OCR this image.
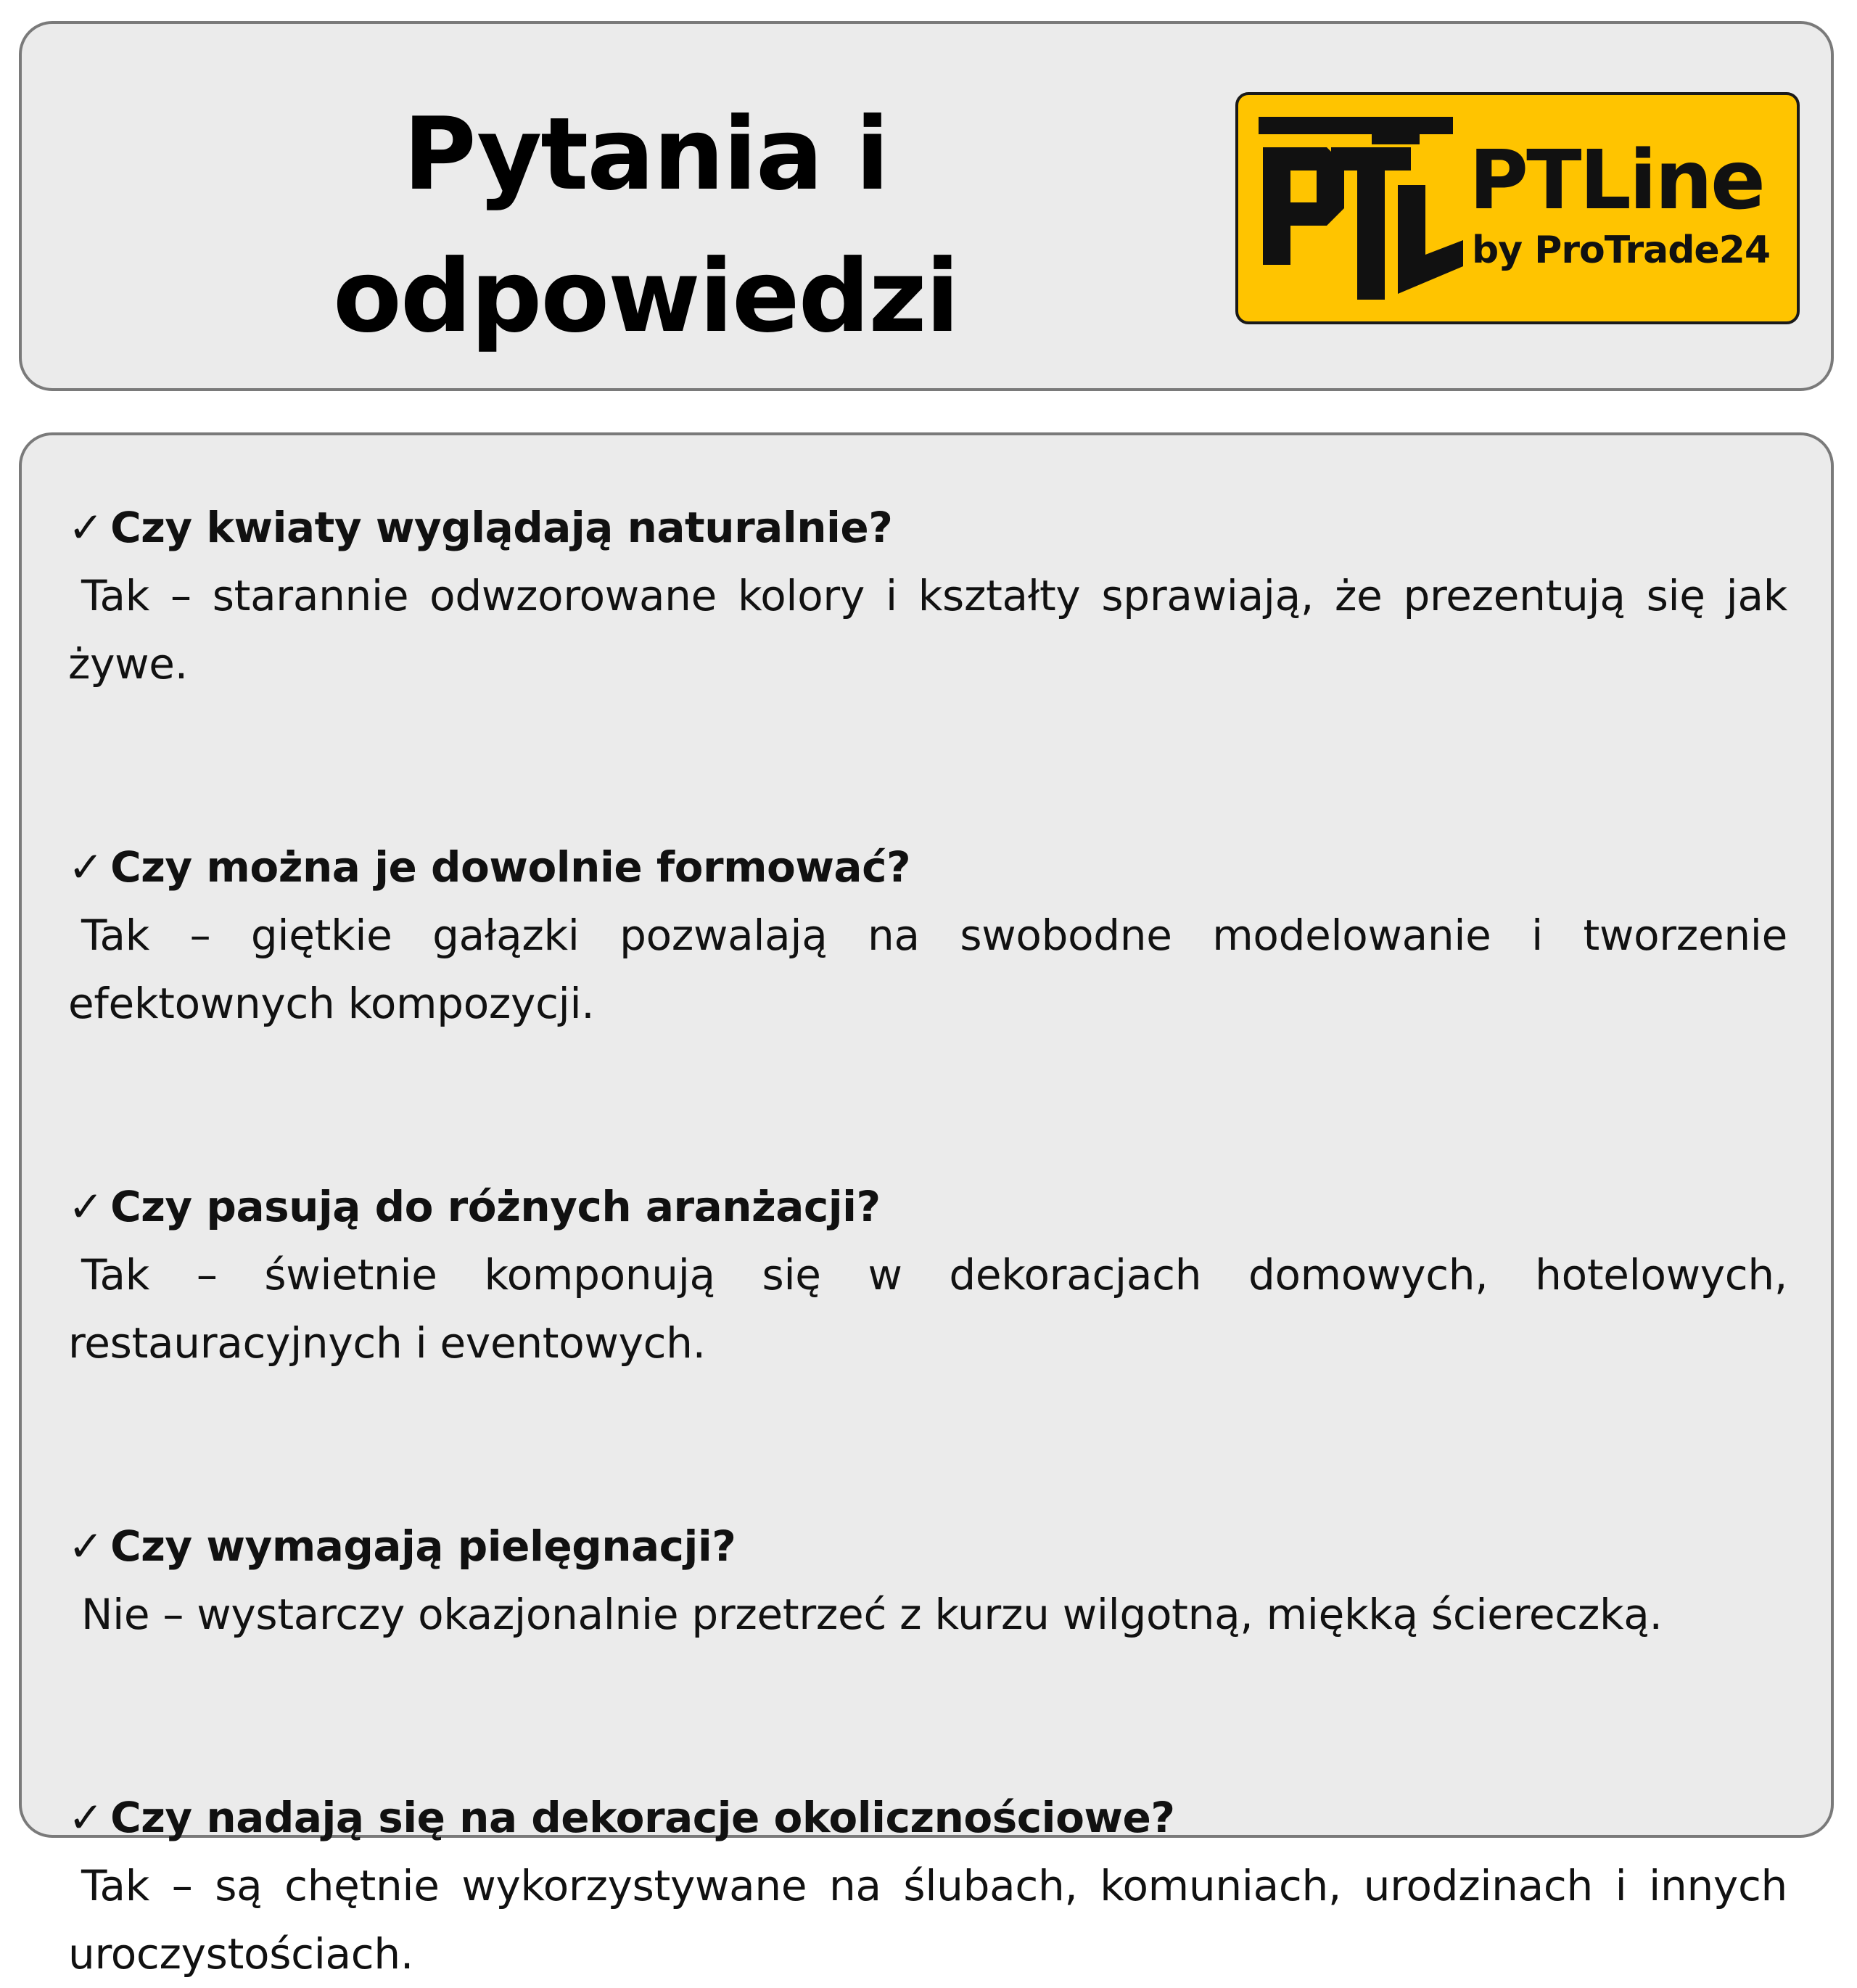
Pytania i
odpowiedzi
PTLine
by ProTrade24

✓ Czy kwiaty wyglądają naturalnie?

Tak – starannie odwzorowane kolory i kształty sprawiają, że prezentują się jak żywe.

✓ Czy można je dowolnie formować?

Tak – giętkie gałązki pozwalają na swobodne modelowanie i tworzenie efektownych kompozycji.

✓ Czy pasują do różnych aranżacji?

Tak – świetnie komponują się w dekoracjach domowych, hotelowych, restauracyjnych i eventowych.

✓ Czy wymagają pielęgnacji?

Nie – wystarczy okazjonalnie przetrzeć z kurzu wilgotną, miękką ściereczką.

✓ Czy nadają się na dekoracje okolicznościowe?

Tak – są chętnie wykorzystywane na ślubach, komuniach, urodzinach i innych uroczystościach.
